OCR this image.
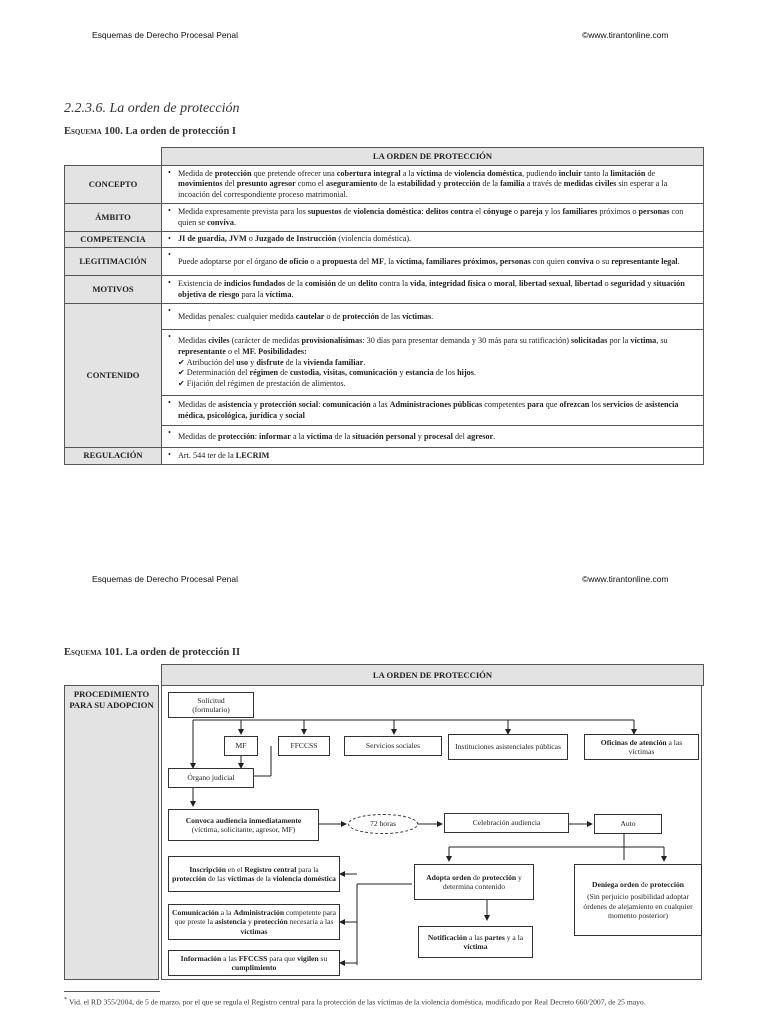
Esquemas de Derecho Procesal Penal	©www.tirantonline.com
Esquemas de Derecho Procesal Penal	©www.tirantonline.com
2.2.3.6. La orden de protección
Esquema 100. La orden de protección I
	LA ORDEN DE PROTECCIÓN
CONCEPTO	• Medida de protección que pretende ofrecer una cobertura integral a la víctima de violencia doméstica, pudiendo incluir tanto la limitación de movimientos del presunto agresor como el aseguramiento de la estabilidad y protección de la familia a través de medidas civiles sin esperar a la incoación del correspondiente proceso matrimonial.
ÁMBITO	• Medida expresamente prevista para los supuestos de violencia doméstica: delitos contra el cónyuge o pareja y los familiares próximos o personas con quien se conviva.
COMPETENCIA	• JI de guardia, JVM o Juzgado de Instrucción (violencia doméstica).
LEGITIMACIÓN	• Puede adoptarse por el órgano de oficio o a propuesta del MF, la víctima, familiares próximos, personas con quien conviva o su representante legal.
MOTIVOS	• Existencia de indicios fundados de la comisión de un delito contra la vida, integridad física o moral, libertad sexual, libertad o seguridad y situación objetiva de riesgo para la víctima.
CONTENIDO	• Medidas penales: cualquier medida cautelar o de protección de las víctimas.
	• Medidas civiles (carácter de medidas provisionalísimas: 30 días para presentar demanda y 30 más para su ratificación) solicitadas por la víctima, su representante o el MF. Posibilidades:
✔ Atribución del uso y disfrute de la vivienda familiar.
✔ Determinación del régimen de custodia, visitas, comunicación y estancia de los hijos.
✔ Fijación del régimen de prestación de alimentos.

	• Medidas de asistencia y protección social: comunicación a las Administraciones públicas competentes para que ofrezcan los servicios de asistencia médica, psicológica, jurídica y social
	• Medidas de protección: informar a la víctima de la situación personal y procesal del agresor.
REGULACIÓN	• Art. 544 ter de la LECRIM
Esquema 101. La orden de protección II
LA ORDEN DE PROTECCIÓN
PROCEDIMIENTO PARA SU ADOPCION	Solicitud
(formulario)
MF	FFCCSS	Servicios sociales	Instituciones asistenciales públicas
Oficinas de atención a las víctimas
Órgano judicial
Convoca audiencia inmediatamente
(víctima, solicitante, agresor, MF)
72 horas	Celebración audiencia	Auto
Adopta orden de protección y determina contenido	Deniega orden de protección
(Sin perjuicio posibilidad adoptar órdenes de alejamiento en cualquier momento posterior)
Notificación a las partes y a la víctima
Inscripción en el Registro central para la protección de las víctimas de la violencia doméstica
Comunicación a la Administración competente para que preste la asistencia y protección necesaria a las víctimas
Información a las FFCCSS para que vigilen su cumplimiento
* Vid. el RD 355/2004, de 5 de marzo, por el que se regula el Registro central para la protección de las víctimas de la violencia doméstica, modificado por Real Decreto 660/2007, de 25 mayo.
